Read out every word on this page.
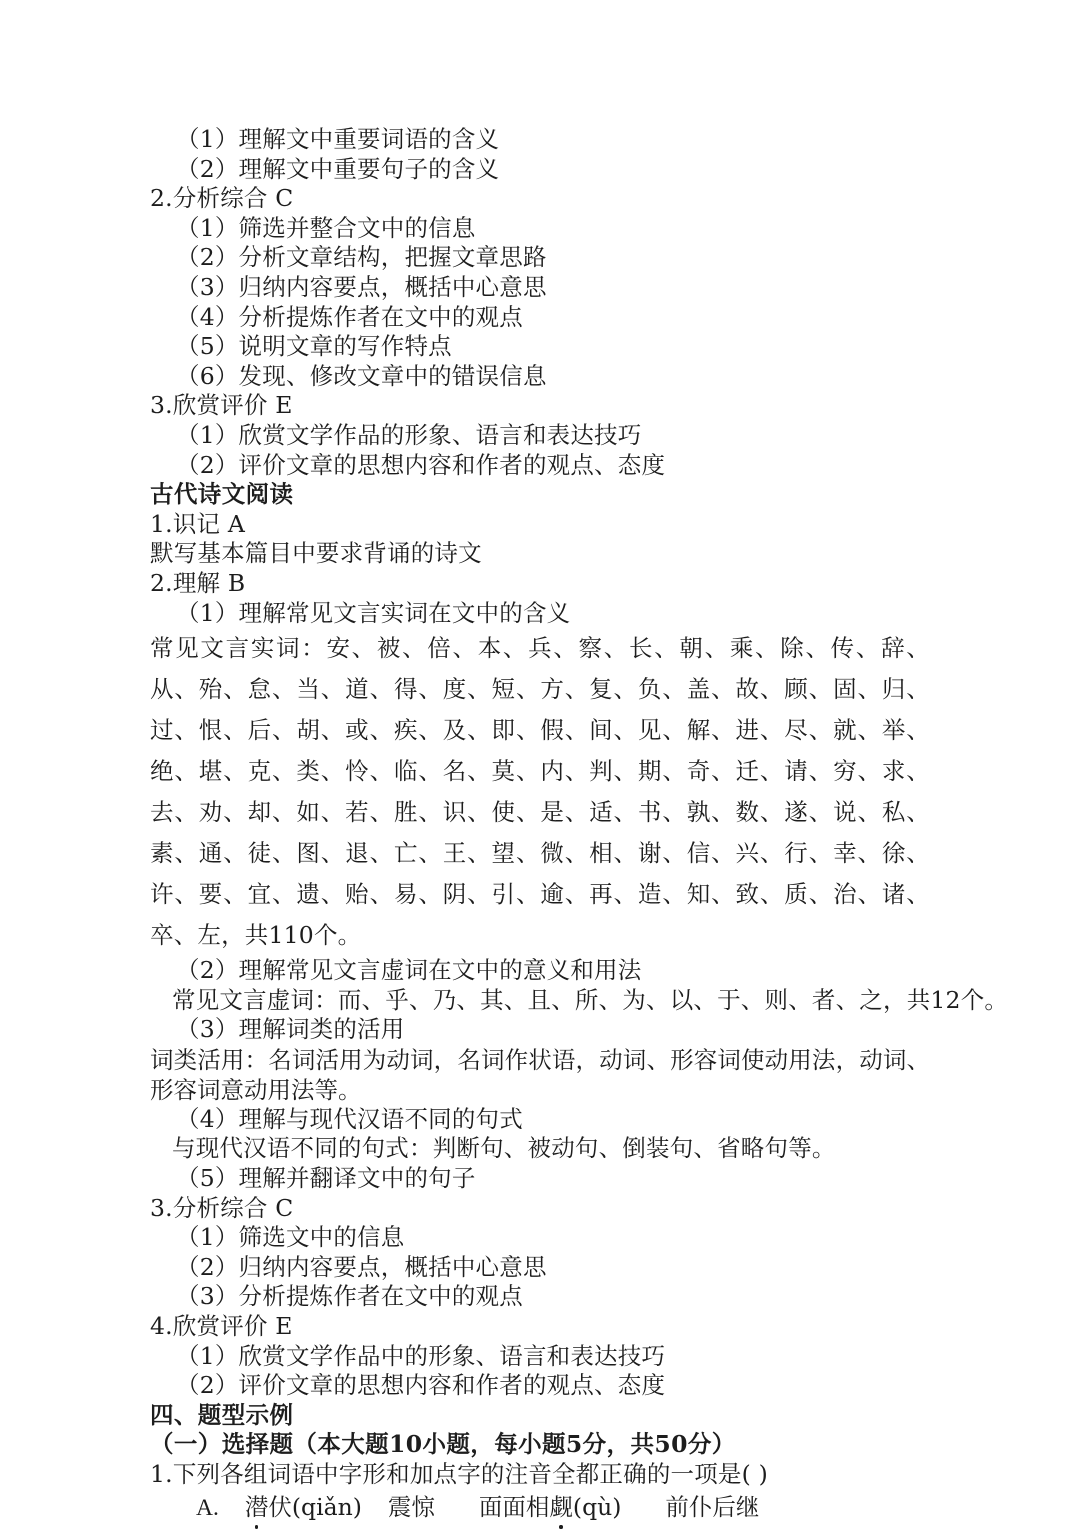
（1）理解文中重要词语的含义
（2）理解文中重要句子的含义
2.分析综合 C
（1）筛选并整合文中的信息
（2）分析文章结构，把握文章思路
（3）归纳内容要点，概括中心意思
（4）分析提炼作者在文中的观点
（5）说明文章的写作特点
（6）发现、修改文章中的错误信息
3.欣赏评价 E
（1）欣赏文学作品的形象、语言和表达技巧
（2）评价文章的思想内容和作者的观点、态度
古代诗文阅读
1.识记 A
默写基本篇目中要求背诵的诗文
2.理解 B
（1）理解常见文言实词在文中的含义
常见文言实词：安、被、倍、本、兵、察、长、朝、乘、除、传、辞、从、殆、怠、当、道、得、度、短、方、复、负、盖、故、顾、固、归、过、恨、后、胡、或、疾、及、即、假、间、见、解、进、尽、就、举、绝、堪、克、类、怜、临、名、莫、内、判、期、奇、迁、请、穷、求、去、劝、却、如、若、胜、识、使、是、适、书、孰、数、遂、说、私、素、通、徒、图、退、亡、王、望、微、相、谢、信、兴、行、幸、徐、许、要、宜、遗、贻、易、阴、引、逾、再、造、知、致、质、治、诸、卒、左，共110个。
（2）理解常见文言虚词在文中的意义和用法
常见文言虚词：而、乎、乃、其、且、所、为、以、于、则、者、之，共12个。
（3）理解词类的活用
词类活用：名词活用为动词，名词作状语，动词、形容词使动用法，动词、形容词意动用法等。
（4）理解与现代汉语不同的句式
与现代汉语不同的句式：判断句、被动句、倒装句、省略句等。
（5）理解并翻译文中的句子
3.分析综合 C
（1）筛选文中的信息
（2）归纳内容要点，概括中心意思
（3）分析提炼作者在文中的观点
4.欣赏评价 E
（1）欣赏文学作品中的形象、语言和表达技巧
（2）评价文章的思想内容和作者的观点、态度
四、题型示例
（一）选择题（本大题10小题，每小题5分，共50分）
1.下列各组词语中字形和加点字的注音全都正确的一项是( )
A. 潜伏(qiǎn) 震惊 面面相觑(qù) 前仆后继
